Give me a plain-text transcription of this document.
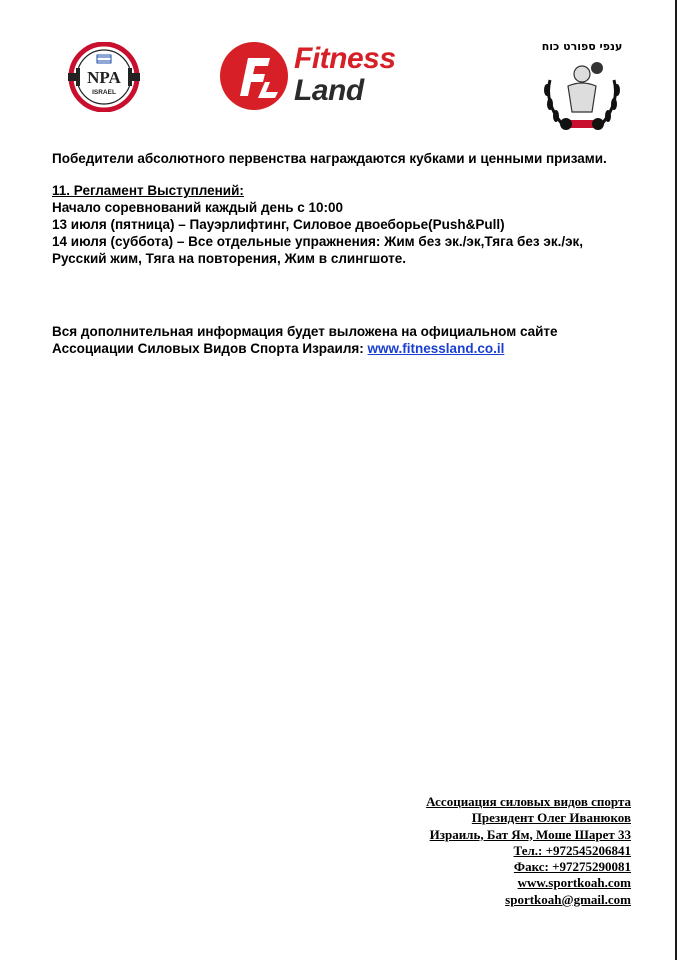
NPA
ISRAEL
Fitness
Land
ענפי ספורט כוח
Победители абсолютного первенства награждаются кубками и ценными призами.
11. Регламент Выступлений:
Начало соревнований каждый день с 10:00
13 июля (пятница) – Пауэрлифтинг, Силовое двоеборье(Push&Pull)
14 июля (суббота) – Все отдельные упражнения: Жим без эк./эк,Тяга без эк./эк,
Русский жим, Тяга на повторения, Жим в слингшоте.
Вся дополнительная информация будет выложена на официальном сайте
Ассоциации Силовых Видов Спорта Израиля: www.fitnessland.co.il
Ассоциация силовых видов спорта
Президент Олег Иванюков
Израиль, Бат Ям, Моше Шарет 33
Тел.: +972545206841
Факс: +97275290081
www.sportkoah.com
sportkoah@gmail.com
